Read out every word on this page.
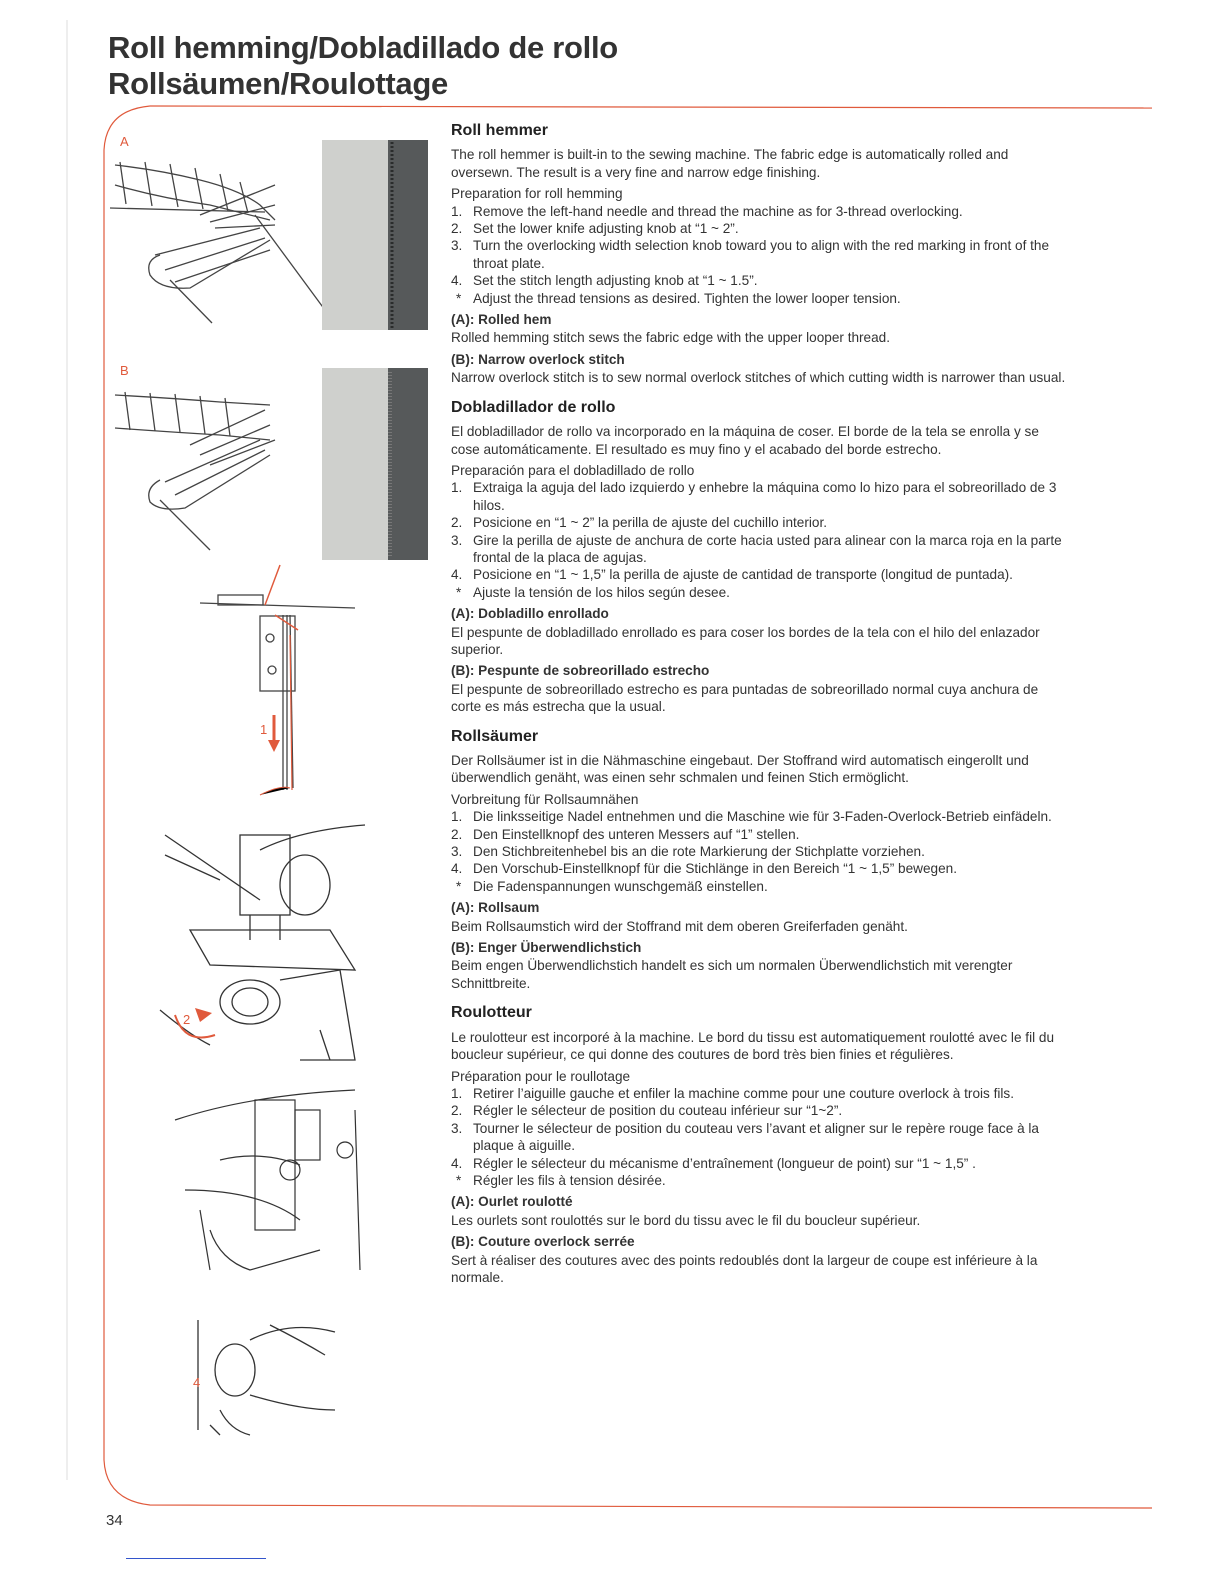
Roll hemming/Dobladillado de rollo
Rollsäumen/Roulottage
A
B
1
2
4
Roll hemmer

The roll hemmer is built-in to the sewing machine. The fabric edge is automatically rolled and oversewn. The result is a very fine and narrow edge finishing.

Preparation for roll hemming

1. Remove the left-hand needle and thread the machine as for 3-thread overlocking.
2. Set the lower knife adjusting knob at “1 ~ 2”.
3. Turn the overlocking width selection knob toward you to align with the red marking in front of the throat plate.
4. Set the stitch length adjusting knob at “1 ~ 1.5”.

* Adjust the thread tensions as desired. Tighten the lower looper tension.

(A): Rolled hem

Rolled hemming stitch sews the fabric edge with the upper looper thread.

(B): Narrow overlock stitch

Narrow overlock stitch is to sew normal overlock stitches of which cutting width is narrower than usual.

Dobladillador de rollo

El dobladillador de rollo va incorporado en la máquina de coser. El borde de la tela se enrolla y se cose automáticamente. El resultado es muy fino y el acabado del borde estrecho.

Preparación para el dobladillado de rollo

1. Extraiga la aguja del lado izquierdo y enhebre la máquina como lo hizo para el sobreorillado de 3 hilos.
2. Posicione en “1 ~ 2” la perilla de ajuste del cuchillo interior.
3. Gire la perilla de ajuste de anchura de corte hacia usted para alinear con la marca roja en la parte frontal de la placa de agujas.
4. Posicione en “1 ~ 1,5” la perilla de ajuste de cantidad de transporte (longitud de puntada).

* Ajuste la tensión de los hilos según desee.

(A): Dobladillo enrollado

El pespunte de dobladillado enrollado es para coser los bordes de la tela con el hilo del enlazador superior.

(B): Pespunte de sobreorillado estrecho

El pespunte de sobreorillado estrecho es para puntadas de sobreorillado normal cuya anchura de corte es más estrecha que la usual.

Rollsäumer

Der Rollsäumer ist in die Nähmaschine eingebaut. Der Stoffrand wird automatisch eingerollt und überwendlich genäht, was einen sehr schmalen und feinen Stich ermöglicht.

Vorbreitung für Rollsaumnähen

1. Die linksseitige Nadel entnehmen und die Maschine wie für 3-Faden-Overlock-Betrieb einfädeln.
2. Den Einstellknopf des unteren Messers auf “1” stellen.
3. Den Stichbreitenhebel bis an die rote Markierung der Stichplatte vorziehen.
4. Den Vorschub-Einstellknopf für die Stichlänge in den Bereich “1 ~ 1,5” bewegen.

* Die Fadenspannungen wunschgemäß einstellen.

(A): Rollsaum

Beim Rollsaumstich wird der Stoffrand mit dem oberen Greiferfaden genäht.

(B): Enger Überwendlichstich

Beim engen Überwendlichstich handelt es sich um normalen Überwendlichstich mit verengter Schnittbreite.

Roulotteur

Le roulotteur est incorporé à la machine. Le bord du tissu est automatiquement roulotté avec le fil du boucleur supérieur, ce qui donne des coutures de bord très bien finies et régulières.

Préparation pour le roullotage

1. Retirer l’aiguille gauche et enfiler la machine comme pour une couture overlock à trois fils.
2. Régler le sélecteur de position du couteau inférieur sur “1~2”.
3. Tourner le sélecteur de position du couteau vers l’avant et aligner sur le repère rouge face à la plaque à aiguille.
4. Régler le sélecteur du mécanisme d’entraînement (longueur de point) sur “1 ~ 1,5” .

* Régler les fils à tension désirée.

(A): Ourlet roulotté

Les ourlets sont roulottés sur le bord du tissu avec le fil du boucleur supérieur.

(B): Couture overlock serrée

Sert à réaliser des coutures avec des points redoublés dont la largeur de coupe est inférieure à la normale.

34
